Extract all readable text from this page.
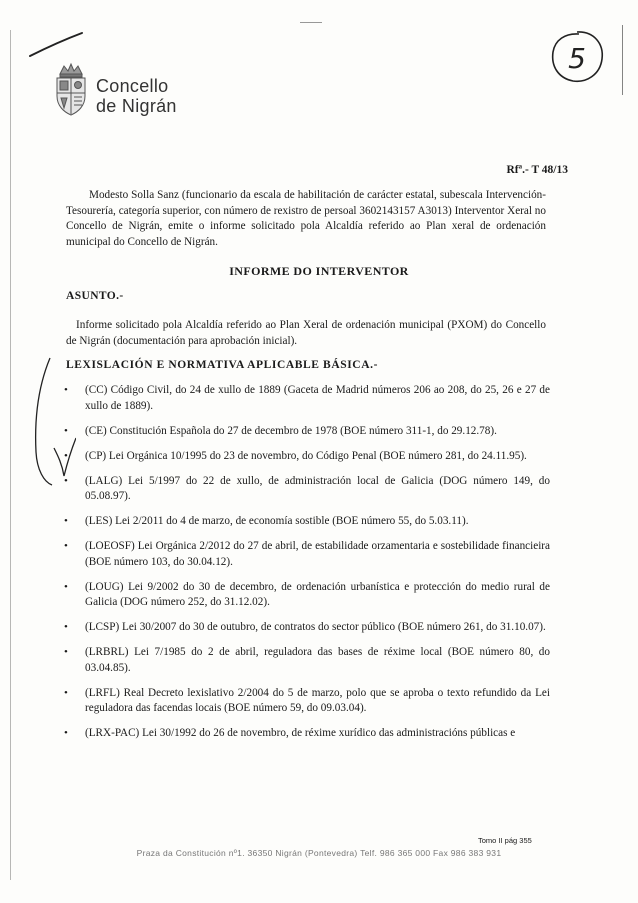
Concello
de Nigrán
5
Rfª.- T 48/13

Modesto Solla Sanz (funcionario da escala de habilitación de carácter estatal, subescala Intervención-Tesourería, categoría superior, con número de rexistro de persoal 3602143157 A3013) Interventor Xeral no Concello de Nigrán, emite o informe solicitado pola Alcaldía referido ao Plan xeral de ordenación municipal do Concello de Nigrán.

INFORME DO INTERVENTOR
ASUNTO.-

Informe solicitado pola Alcaldía referido ao Plan Xeral de ordenación municipal (PXOM) do Concello de Nigrán (documentación para aprobación inicial).

LEXISLACIÓN E NORMATIVA APLICABLE BÁSICA.-
• (CC) Código Civil, do 24 de xullo de 1889 (Gaceta de Madrid números 206 ao 208, do 25, 26 e 27 de xullo de 1889).
• (CE) Constitución Española do 27 de decembro de 1978 (BOE número 311-1, do 29.12.78).
• (CP) Lei Orgánica 10/1995 do 23 de novembro, do Código Penal (BOE número 281, do 24.11.95).
• (LALG) Lei 5/1997 do 22 de xullo, de administración local de Galicia (DOG número 149, do 05.08.97).
• (LES) Lei 2/2011 do 4 de marzo, de economía sostible (BOE número 55, do 5.03.11).
• (LOEOSF) Lei Orgánica 2/2012 do 27 de abril, de estabilidade orzamentaria e sostebilidade financieira (BOE número 103, do 30.04.12).
• (LOUG) Lei 9/2002 do 30 de decembro, de ordenación urbanística e protección do medio rural de Galicia (DOG número 252, do 31.12.02).
• (LCSP) Lei 30/2007 do 30 de outubro, de contratos do sector público (BOE número 261, do 31.10.07).
• (LRBRL) Lei 7/1985 do 2 de abril, reguladora das bases de réxime local (BOE número 80, do 03.04.85).
• (LRFL) Real Decreto lexislativo 2/2004 do 5 de marzo, polo que se aproba o texto refundido da Lei reguladora das facendas locais (BOE número 59, do 09.03.04).
• (LRX-PAC) Lei 30/1992 do 26 de novembro, de réxime xurídico das administracións públicas e
Tomo II pág 355
Praza da Constitución nº1. 36350 Nigrán (Pontevedra) Telf. 986 365 000 Fax 986 383 931
